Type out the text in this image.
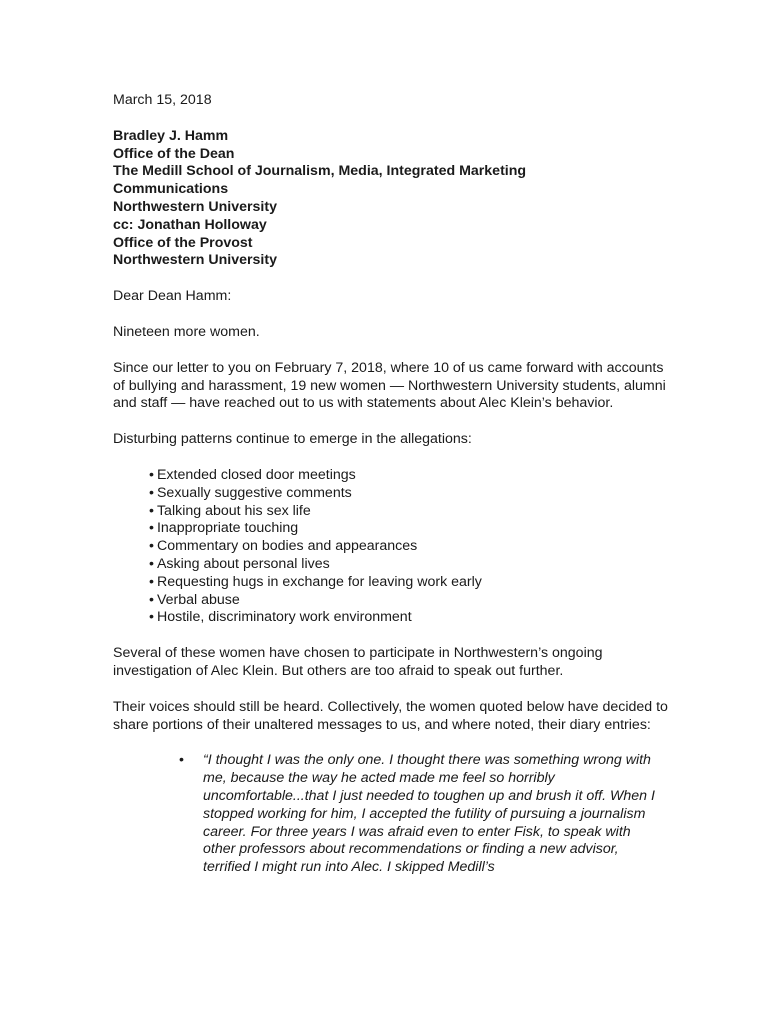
March 15, 2018
Bradley J. Hamm
Office of the Dean
The Medill School of Journalism, Media, Integrated Marketing
Communications
Northwestern University
cc: Jonathan Holloway
Office of the Provost
Northwestern University

Dear Dean Hamm:

Nineteen more women.

Since our letter to you on February 7, 2018, where 10 of us came forward with accounts of bullying and harassment, 19 new women — Northwestern University students, alumni and staff — have reached out to us with statements about Alec Klein’s behavior.

Disturbing patterns continue to emerge in the allegations:

• Extended closed door meetings
• Sexually suggestive comments
• Talking about his sex life
• Inappropriate touching
• Commentary on bodies and appearances
• Asking about personal lives
• Requesting hugs in exchange for leaving work early
• Verbal abuse
• Hostile, discriminatory work environment

Several of these women have chosen to participate in Northwestern’s ongoing investigation of Alec Klein. But others are too afraid to speak out further.

Their voices should still be heard. Collectively, the women quoted below have decided to share portions of their unaltered messages to us, and where noted, their diary entries:

• “I thought I was the only one. I thought there was something wrong with me, because the way he acted made me feel so horribly uncomfortable...that I just needed to toughen up and brush it off. When I stopped working for him, I accepted the futility of pursuing a journalism career. For three years I was afraid even to enter Fisk, to speak with other professors about recommendations or finding a new advisor, terrified I might run into Alec. I skipped Medill’s
